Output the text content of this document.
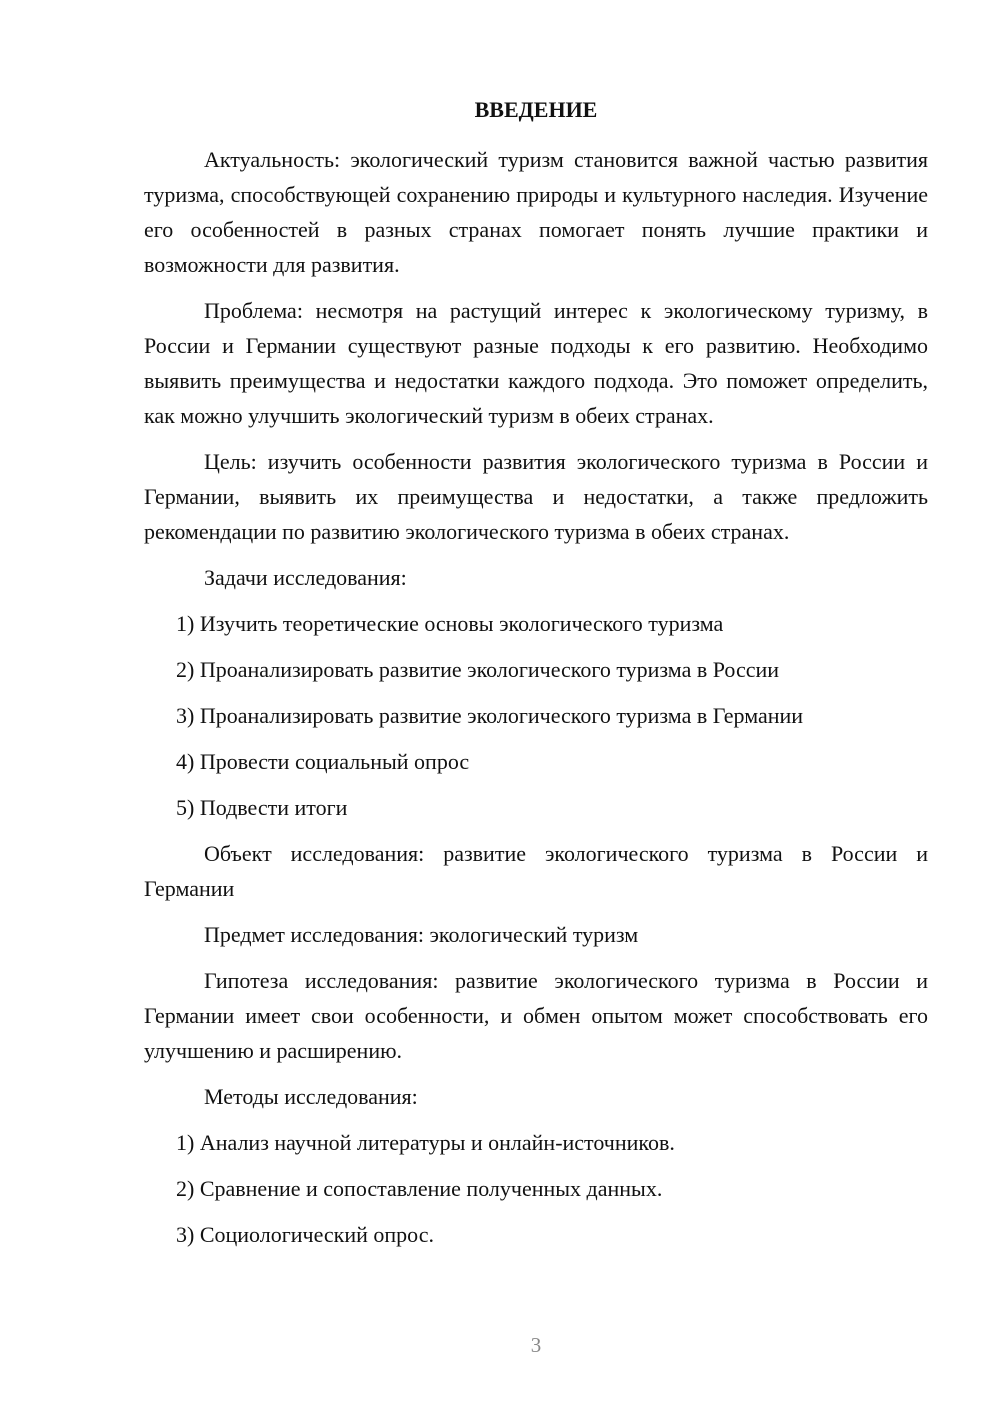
ВВЕДЕНИЕ

Актуальность: экологический туризм становится важной частью развития туризма, способствующей сохранению природы и культурного наследия. Изучение его особенностей в разных странах помогает понять лучшие практики и возможности для развития.

Проблема: несмотря на растущий интерес к экологическому туризму, в России и Германии существуют разные подходы к его развитию. Необходимо выявить преимущества и недостатки каждого подхода. Это поможет определить, как можно улучшить экологический туризм в обеих странах.

Цель: изучить особенности развития экологического туризма в России и Германии, выявить их преимущества и недостатки, а также предложить рекомендации по развитию экологического туризма в обеих странах.

Задачи исследования:

1) Изучить теоретические основы экологического туризма

2) Проанализировать развитие экологического туризма в России

3) Проанализировать развитие экологического туризма в Германии

4) Провести социальный опрос

5) Подвести итоги

Объект исследования: развитие экологического туризма в России и Германии

Предмет исследования: экологический туризм

Гипотеза исследования: развитие экологического туризма в России и Германии имеет свои особенности, и обмен опытом может способствовать его улучшению и расширению.

Методы исследования:

1) Анализ научной литературы и онлайн-источников.

2) Сравнение и сопоставление полученных данных.

3) Социологический опрос.

3
